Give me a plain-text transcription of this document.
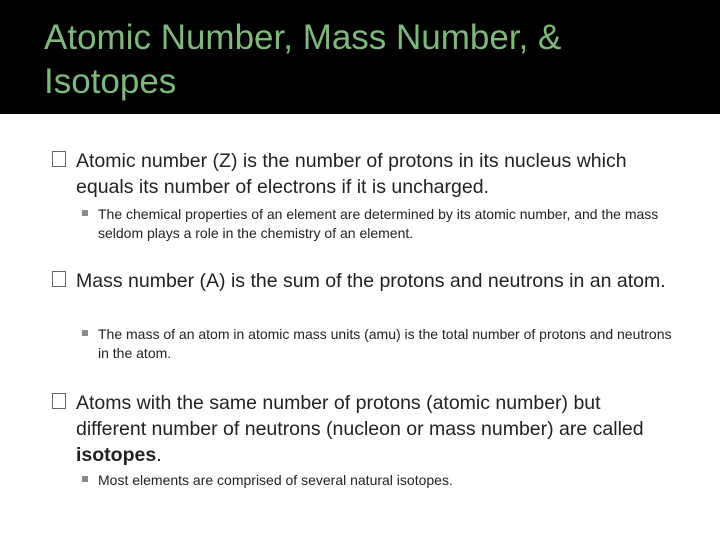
Atomic Number, Mass Number, & Isotopes
Atomic number (Z) is the number of protons in its nucleus which equals its number of electrons if it is uncharged.
The chemical properties of an element are determined by its atomic number, and the mass seldom plays a role in the chemistry of an element.
Mass number (A) is the sum of the protons and neutrons in an atom.
The mass of an atom in atomic mass units (amu) is the total number of protons and neutrons in the atom.
Atoms with the same number of protons (atomic number) but different number of neutrons (nucleon or mass number) are called isotopes.
Most elements are comprised of several natural isotopes.
